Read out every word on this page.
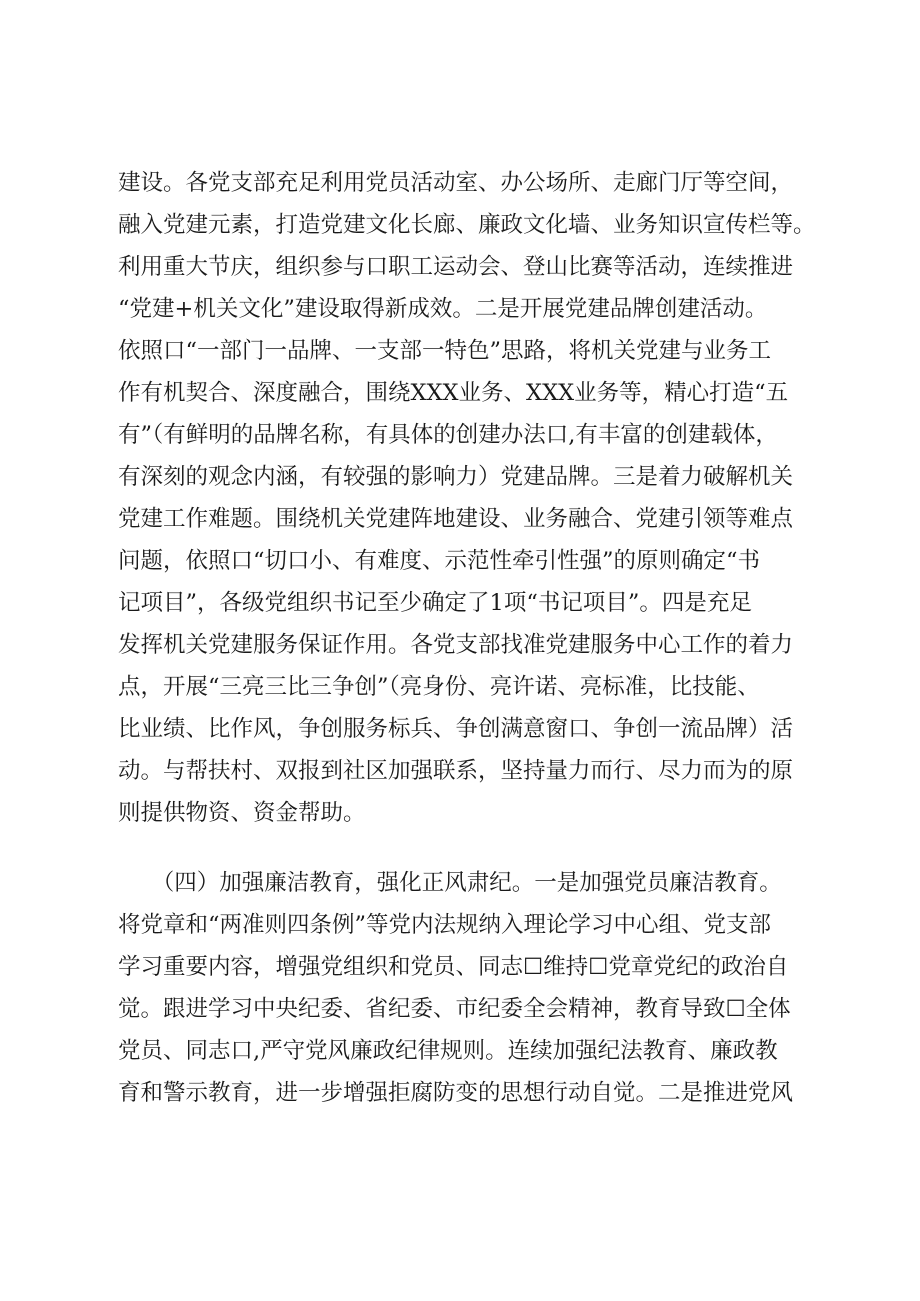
建设。各党支部充足利用党员活动室、办公场所、走廊门厅等空间，
融入党建元素，打造党建文化长廊、廉政文化墙、业务知识宣传栏等。
利用重大节庆，组织参与口职工运动会、登山比赛等活动，连续推进
“党建+机关文化”建设取得新成效。二是开展党建品牌创建活动。
依照口“一部门一品牌、一支部一特色”思路，将机关党建与业务工
作有机契合、深度融合，围绕XXX业务、XXX业务等，精心打造“五
有”（有鲜明的品牌名称，有具体的创建办法口,有丰富的创建载体，
有深刻的观念内涵，有较强的影响力）党建品牌。三是着力破解机关
党建工作难题。围绕机关党建阵地建设、业务融合、党建引领等难点
问题，依照口“切口小、有难度、示范性牵引性强”的原则确定“书
记项目”，各级党组织书记至少确定了1项“书记项目”。四是充足
发挥机关党建服务保证作用。各党支部找准党建服务中心工作的着力
点，开展“三亮三比三争创”（亮身份、亮许诺、亮标准，比技能、
比业绩、比作风，争创服务标兵、争创满意窗口、争创一流品牌）活
动。与帮扶村、双报到社区加强联系，坚持量力而行、尽力而为的原
则提供物资、资金帮助。
　　（四）加强廉洁教育，强化正风肃纪。一是加强党员廉洁教育。
将党章和“两准则四条例”等党内法规纳入理论学习中心组、党支部
学习重要内容，增强党组织和党员、同志☐维持☐党章党纪的政治自
觉。跟进学习中央纪委、省纪委、市纪委全会精神，教育导致☐全体
党员、同志口,严守党风廉政纪律规则。连续加强纪法教育、廉政教
育和警示教育，进一步增强拒腐防变的思想行动自觉。二是推进党风
